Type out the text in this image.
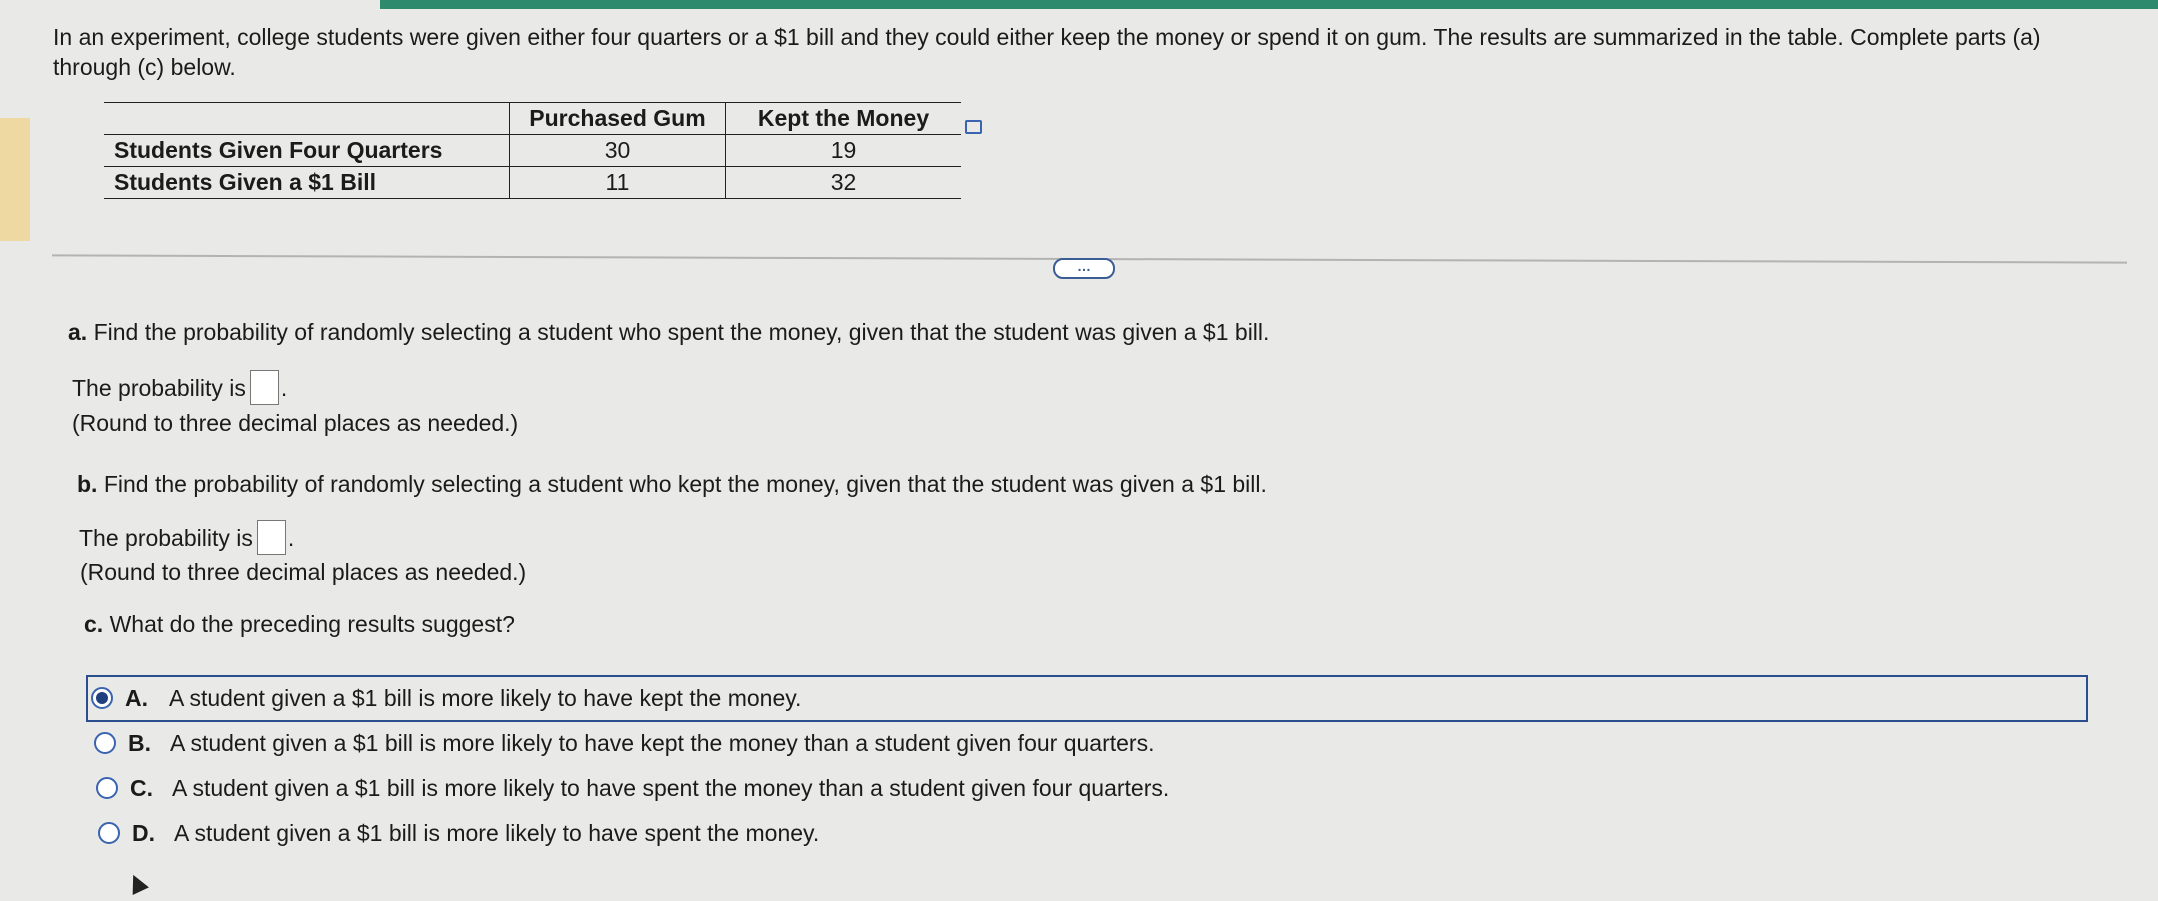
In an experiment, college students were given either four quarters or a $1 bill and they could either keep the money or spend it on gum. The results are summarized in the table. Complete parts (a) through (c) below.
	Purchased Gum	Kept the Money
Students Given Four Quarters	30	19
Students Given a $1 Bill	11	32
…
a. Find the probability of randomly selecting a student who spent the money, given that the student was given a $1 bill.
The probability is .
(Round to three decimal places as needed.)
b. Find the probability of randomly selecting a student who kept the money, given that the student was given a $1 bill.
The probability is .
(Round to three decimal places as needed.)
c. What do the preceding results suggest?
A. A student given a $1 bill is more likely to have kept the money.
B. A student given a $1 bill is more likely to have kept the money than a student given four quarters.
C. A student given a $1 bill is more likely to have spent the money than a student given four quarters.
D. A student given a $1 bill is more likely to have spent the money.
